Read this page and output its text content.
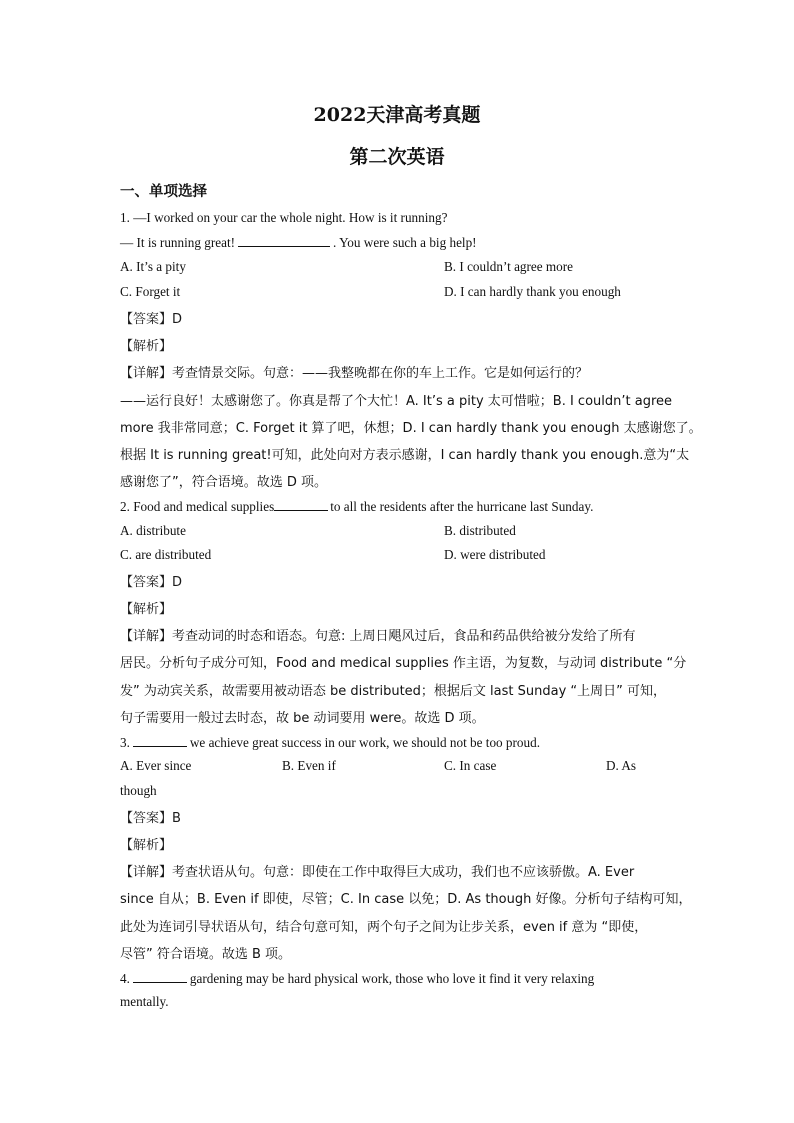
2022天津高考真题
第二次英语
一、单项选择
1. —I worked on your car the whole night. How is it running?
— It is running great!	. You were such a big help!
A. It’s a pity	B. I couldn’t agree more
C. Forget it	D. I can hardly thank you enough
【答案】D
【解析】
【详解】考查情景交际。句意：——我整晚都在你的车上工作。它是如何运行的？
——运行良好！太感谢您了。你真是帮了个大忙！A. It’s a pity 太可惜啦；B. I couldn’t agree
more 我非常同意；C. Forget it 算了吧，休想；D. I can hardly thank you enough 太感谢您了。
根据 It is running great!可知，此处向对方表示感谢，I can hardly thank you enough.意为“太
感谢您了”，符合语境。故选 D 项。
2. Food and medical supplies	to all the residents after the hurricane last Sunday.
A. distribute	B. distributed
C. are distributed	D. were distributed
【答案】D
【解析】
【详解】考查动词的时态和语态。句意: 上周日飓风过后，食品和药品供给被分发给了所有
居民。分析句子成分可知，Food and medical supplies 作主语，为复数，与动词 distribute “分
发” 为动宾关系，故需要用被动语态 be distributed；根据后文 last Sunday “上周日” 可知，
句子需要用一般过去时态，故 be 动词要用 were。故选 D 项。
3.	we achieve great success in our work, we should not be too proud.
A. Ever since	B. Even if	C. In case	D. As
though
【答案】B
【解析】
【详解】考查状语从句。句意：即使在工作中取得巨大成功，我们也不应该骄傲。A. Ever
since 自从；B. Even if 即使，尽管；C. In case 以免；D. As though 好像。分析句子结构可知，
此处为连词引导状语从句，结合句意可知，两个句子之间为让步关系，even if 意为 “即使，
尽管” 符合语境。故选 B 项。
4.	gardening may be hard physical work, those who love it find it very relaxing
mentally.
